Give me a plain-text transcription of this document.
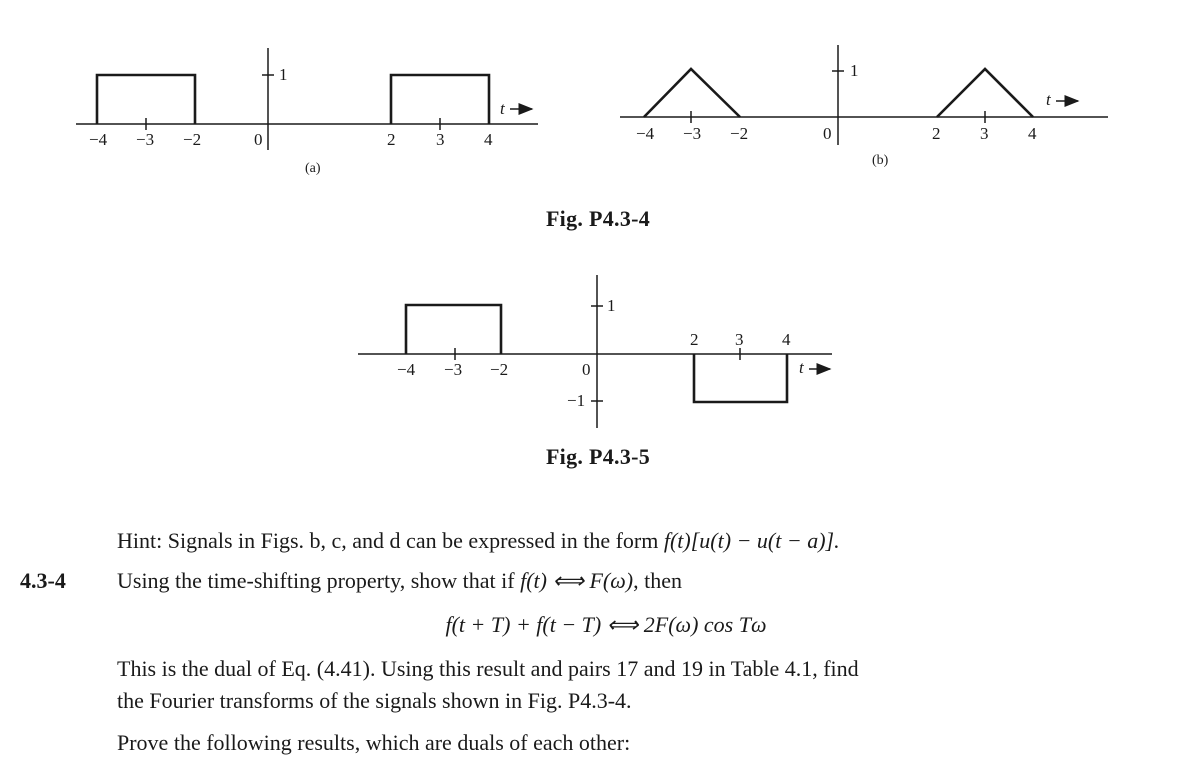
1
−4 −3 −2	0	2 3 4
t
(a)
1
−4 −3 −2	0	2 3 4
t
(b)
1
−1
−4 −3 −2	0
2 3 4
t
Fig. P4.3-4
Fig. P4.3-5
Hint: Signals in Figs. b, c, and d can be expressed in the form f(t)[u(t) − u(t − a)].
4.3-4 Using the time-shifting property, show that if f(t) ⟺ F(ω), then
f(t + T) + f(t − T) ⟺ 2F(ω) cos Tω
This is the dual of Eq. (4.41). Using this result and pairs 17 and 19 in Table 4.1, find
the Fourier transforms of the signals shown in Fig. P4.3-4.
Prove the following results, which are duals of each other:
